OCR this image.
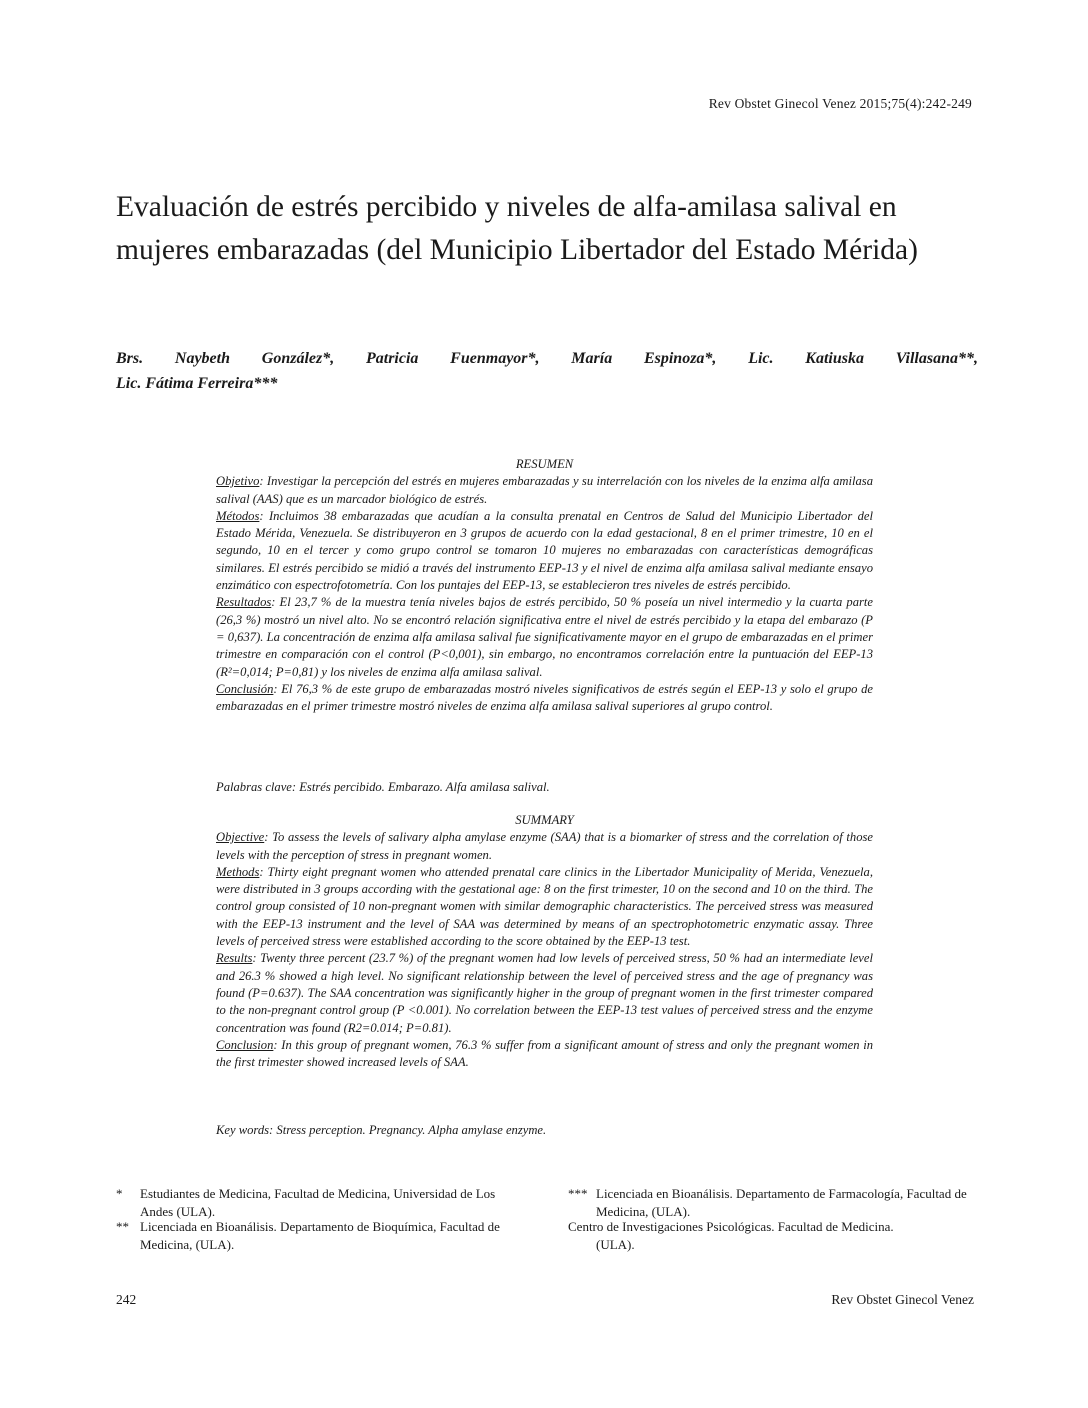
Rev Obstet Ginecol Venez 2015;75(4):242-249
Evaluación de estrés percibido y niveles de alfa-amilasa salival en mujeres embarazadas (del Municipio Libertador del Estado Mérida)
Brs. Naybeth González*, Patricia Fuenmayor*, María Espinoza*, Lic. Katiuska Villasana**,
Lic. Fátima Ferreira***

RESUMEN

Objetivo: Investigar la percepción del estrés en mujeres embarazadas y su interrelación con los niveles de la enzima alfa amilasa salival (AAS) que es un marcador biológico de estrés.

Métodos: Incluimos 38 embarazadas que acudían a la consulta prenatal en Centros de Salud del Municipio Libertador del Estado Mérida, Venezuela. Se distribuyeron en 3 grupos de acuerdo con la edad gestacional, 8 en el primer trimestre, 10 en el segundo, 10 en el tercer y como grupo control se tomaron 10 mujeres no embarazadas con características demográficas similares. El estrés percibido se midió a través del instrumento EEP-13 y el nivel de enzima alfa amilasa salival mediante ensayo enzimático con espectrofotometría. Con los puntajes del EEP-13, se establecieron tres niveles de estrés percibido.

Resultados: El 23,7 % de la muestra tenía niveles bajos de estrés percibido, 50 % poseía un nivel intermedio y la cuarta parte (26,3 %) mostró un nivel alto. No se encontró relación significativa entre el nivel de estrés percibido y la etapa del embarazo (P = 0,637). La concentración de enzima alfa amilasa salival fue significativamente mayor en el grupo de embarazadas en el primer trimestre en comparación con el control (P<0,001), sin embargo, no encontramos correlación entre la puntuación del EEP-13 (R²=0,014; P=0,81) y los niveles de enzima alfa amilasa salival.

Conclusión: El 76,3 % de este grupo de embarazadas mostró niveles significativos de estrés según el EEP-13 y solo el grupo de embarazadas en el primer trimestre mostró niveles de enzima alfa amilasa salival superiores al grupo control.

Palabras clave: Estrés percibido. Embarazo. Alfa amilasa salival.

SUMMARY

Objective: To assess the levels of salivary alpha amylase enzyme (SAA) that is a biomarker of stress and the correlation of those levels with the perception of stress in pregnant women.

Methods: Thirty eight pregnant women who attended prenatal care clinics in the Libertador Municipality of Merida, Venezuela, were distributed in 3 groups according with the gestational age: 8 on the first trimester, 10 on the second and 10 on the third. The control group consisted of 10 non-pregnant women with similar demographic characteristics. The perceived stress was measured with the EEP-13 instrument and the level of SAA was determined by means of an spectrophotometric enzymatic assay. Three levels of perceived stress were established according to the score obtained by the EEP-13 test.

Results: Twenty three percent (23.7 %) of the pregnant women had low levels of perceived stress, 50 % had an intermediate level and 26.3 % showed a high level. No significant relationship between the level of perceived stress and the age of pregnancy was found (P=0.637). The SAA concentration was significantly higher in the group of pregnant women in the first trimester compared to the non-pregnant control group (P <0.001). No correlation between the EEP-13 test values of perceived stress and the enzyme concentration was found (R2=0.014; P=0.81).

Conclusion: In this group of pregnant women, 76.3 % suffer from a significant amount of stress and only the pregnant women in the first trimester showed increased levels of SAA.

Key words: Stress perception. Pregnancy. Alpha amylase enzyme.

* Estudiantes de Medicina, Facultad de Medicina, Universidad de Los Andes (ULA).
** Licenciada en Bioanálisis. Departamento de Bioquímica, Facultad de Medicina, (ULA).
*** Licenciada en Bioanálisis. Departamento de Farmacología, Facultad de Medicina, (ULA).
Centro de Investigaciones Psicológicas. Facultad de Medicina.
(ULA).
242	Rev Obstet Ginecol Venez
